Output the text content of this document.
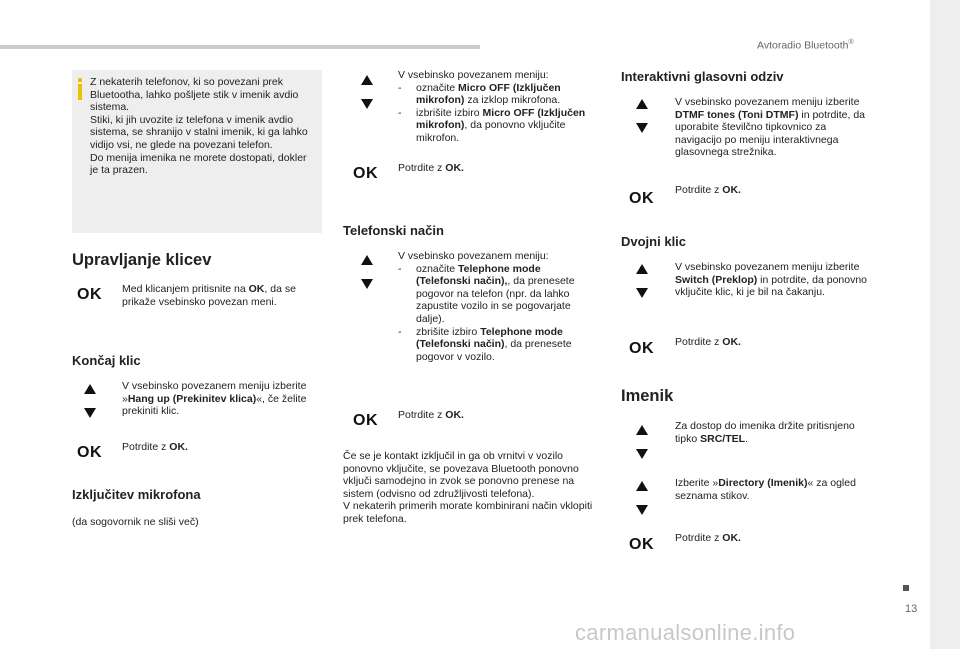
Avtoradio Bluetooth®
Z nekaterih telefonov, ki so povezani prek Bluetootha, lahko pošljete stik v imenik avdio sistema.
Stiki, ki jih uvozite iz telefona v imenik avdio sistema, se shranijo v stalni imenik, ki ga lahko vidijo vsi, ne glede na povezani telefon.
Do menija imenika ne morete dostopati, dokler je ta prazen.
Upravljanje klicev
OK Med klicanjem pritisnite na OK, da se prikaže vsebinsko povezan meni.
Končaj klic
V vsebinsko povezanem meniju izberite »Hang up (Prekinitev klica)«, če želite prekiniti klic.
OK Potrdite z OK.
Izključitev mikrofona
(da sogovornik ne sliši več)
V vsebinsko povezanem meniju:
- označite Micro OFF (Izključen mikrofon) za izklop mikrofona.
- izbrišite izbiro Micro OFF (Izključen mikrofon), da ponovno vključite mikrofon.
OK Potrdite z OK.
Telefonski način
V vsebinsko povezanem meniju:
- označite Telephone mode (Telefonski način),, da prenesete pogovor na telefon (npr. da lahko zapustite vozilo in se pogovarjate dalje).
- zbrišite izbiro Telephone mode (Telefonski način), da prenesete pogovor v vozilo.
OK Potrdite z OK.
Če se je kontakt izključil in ga ob vrnitvi v vozilo ponovno vključite, se povezava Bluetooth ponovno vključi samodejno in zvok se ponovno prenese na sistem (odvisno od združljivosti telefona).
V nekaterih primerih morate kombinirani način vklopiti prek telefona.
Interaktivni glasovni odziv
V vsebinsko povezanem meniju izberite DTMF tones (Toni DTMF) in potrdite, da uporabite številčno tipkovnico za navigacijo po meniju interaktivnega glasovnega strežnika.
OK Potrdite z OK.
Dvojni klic
V vsebinsko povezanem meniju izberite Switch (Preklop) in potrdite, da ponovno vključite klic, ki je bil na čakanju.
OK Potrdite z OK.
Imenik
Za dostop do imenika držite pritisnjeno tipko SRC/TEL.
Izberite »Directory (Imenik)« za ogled seznama stikov.
OK Potrdite z OK.
13
carmanualsonline.info
